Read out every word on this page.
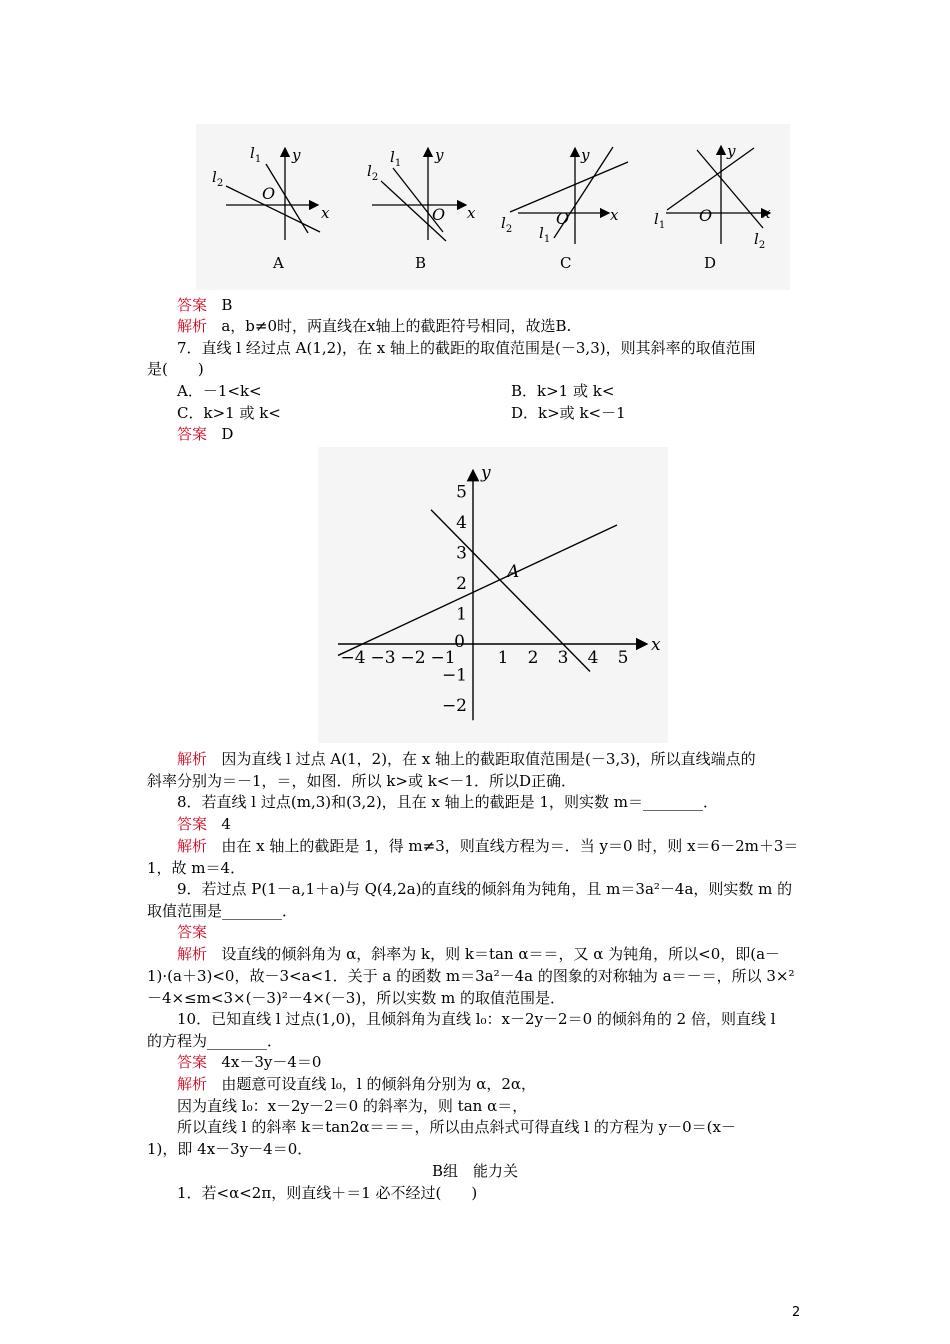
$l_1$
$l_2$
O
x
y
A
$l_1$
$l_2$
O x
y
B
$l_1$
$l_2$
O	x
y
C
$l_1$
$l_2$
O	x
y
D
答案 B
解析 a，b≠0时，两直线在x轴上的截距符号相同，故选B.
7．直线 l 经过点 A(1,2)，在 x 轴上的截距的取值范围是(－3,3)，则其斜率的取值范围
是(　　)
A．－1<k<	B．k>1 或 k<
C．k>1 或 k<	D．k>或 k<－1
答案 D
−4 −3 −2 −1 1 2 3 4 5
5
4
3
2
1
−1
−2
0	x
y
A
解析 因为直线 l 过点 A(1，2)，在 x 轴上的截距取值范围是(－3,3)，所以直线端点的
斜率分别为＝－1，＝，如图．所以 k>或 k<－1．所以D正确．
8．若直线 l 过点(m,3)和(3,2)，且在 x 轴上的截距是 1，则实数 m＝________．
答案 4
解析 由在 x 轴上的截距是 1，得 m≠3，则直线方程为＝．当 y＝0 时，则 x＝6－2m＋3＝
1，故 m＝4．
9．若过点 P(1－a,1＋a)与 Q(4,2a)的直线的倾斜角为钝角，且 m＝3a²－4a，则实数 m 的
取值范围是________．
答案
解析 设直线的倾斜角为 α，斜率为 k，则 k＝tan α＝＝，又 α 为钝角，所以<0，即(a－
1)·(a＋3)<0，故－3<a<1．关于 a 的函数 m＝3a²－4a 的图象的对称轴为 a＝－＝，所以 3×²
－4×≤m<3×(－3)²－4×(－3)，所以实数 m 的取值范围是．
10．已知直线 l 过点(1,0)，且倾斜角为直线 l₀：x－2y－2＝0 的倾斜角的 2 倍，则直线 l
的方程为________．
答案 4x－3y－4＝0
解析 由题意可设直线 l₀，l 的倾斜角分别为 α，2α，
因为直线 l₀：x－2y－2＝0 的斜率为，则 tan α＝，
所以直线 l 的斜率 k＝tan2α＝＝＝，所以由点斜式可得直线 l 的方程为 y－0＝(x－
1)，即 4x－3y－4＝0．
B组　能力关
1．若<α<2π，则直线＋＝1 必不经过(　　)
2
